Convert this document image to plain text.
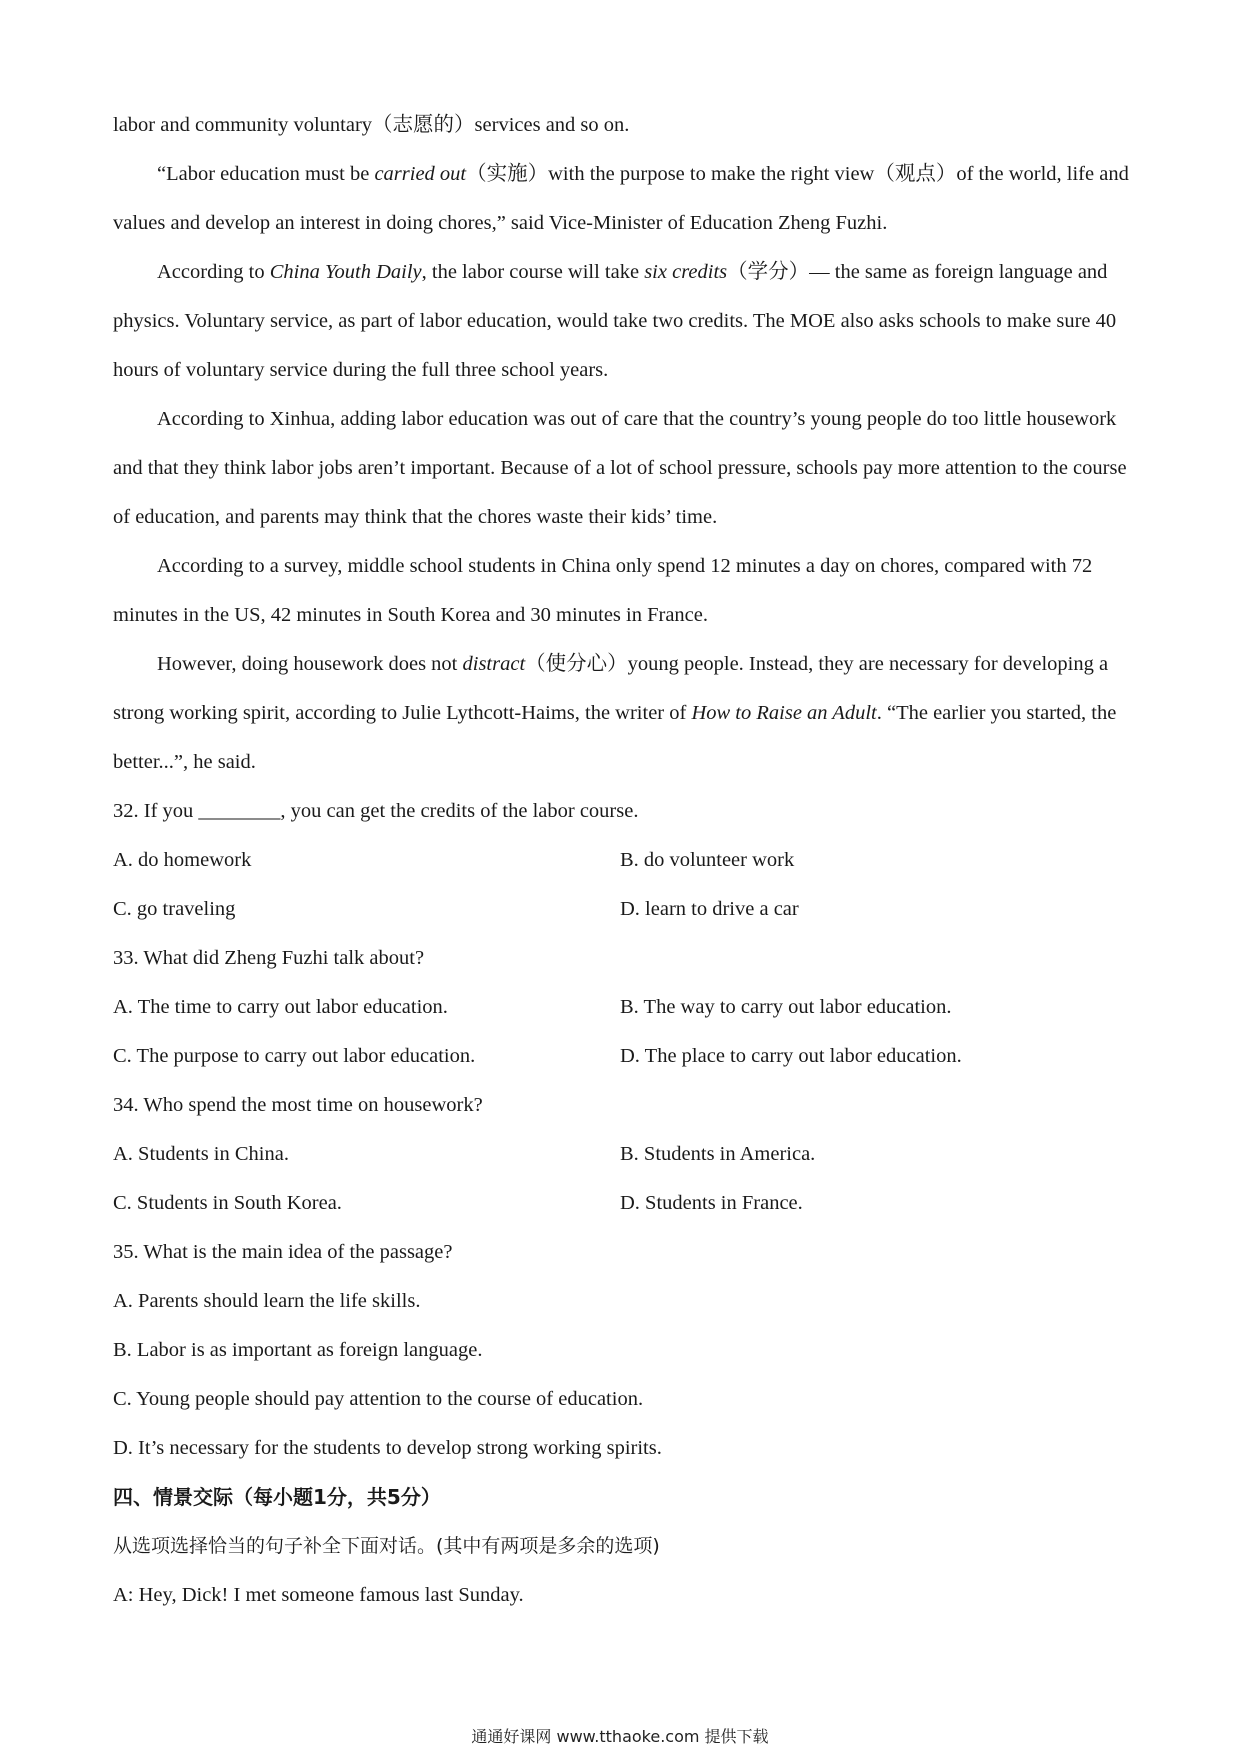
labor and community voluntary（志愿的）services and so on.

“Labor education must be carried out（实施）with the purpose to make the right view（观点）of the world, life and values and develop an interest in doing chores,” said Vice-Minister of Education Zheng Fuzhi.

According to China Youth Daily, the labor course will take six credits（学分）— the same as foreign language and physics. Voluntary service, as part of labor education, would take two credits. The MOE also asks schools to make sure 40 hours of voluntary service during the full three school years.

According to Xinhua, adding labor education was out of care that the country’s young people do too little housework and that they think labor jobs aren’t important. Because of a lot of school pressure, schools pay more attention to the course of education, and parents may think that the chores waste their kids’ time.

According to a survey, middle school students in China only spend 12 minutes a day on chores, compared with 72 minutes in the US, 42 minutes in South Korea and 30 minutes in France.

However, doing housework does not distract（使分心）young people. Instead, they are necessary for developing a strong working spirit, according to Julie Lythcott-Haims, the writer of How to Raise an Adult. “The earlier you started, the better...”, he said.

32. If you ________, you can get the credits of the labor course.

A. do homework	B. do volunteer work
C. go traveling	D. learn to drive a car

33. What did Zheng Fuzhi talk about?

A. The time to carry out labor education.	B. The way to carry out labor education.
C. The purpose to carry out labor education.	D. The place to carry out labor education.

34. Who spend the most time on housework?

A. Students in China.	B. Students in America.
C. Students in South Korea.	D. Students in France.

35. What is the main idea of the passage?

A. Parents should learn the life skills.

B. Labor is as important as foreign language.

C. Young people should pay attention to the course of education.

D. It’s necessary for the students to develop strong working spirits.

四、情景交际（每小题1分，共5分）

从选项选择恰当的句子补全下面对话。(其中有两项是多余的选项)

A: Hey, Dick! I met someone famous last Sunday.

通通好课网 www.tthaoke.com 提供下载
